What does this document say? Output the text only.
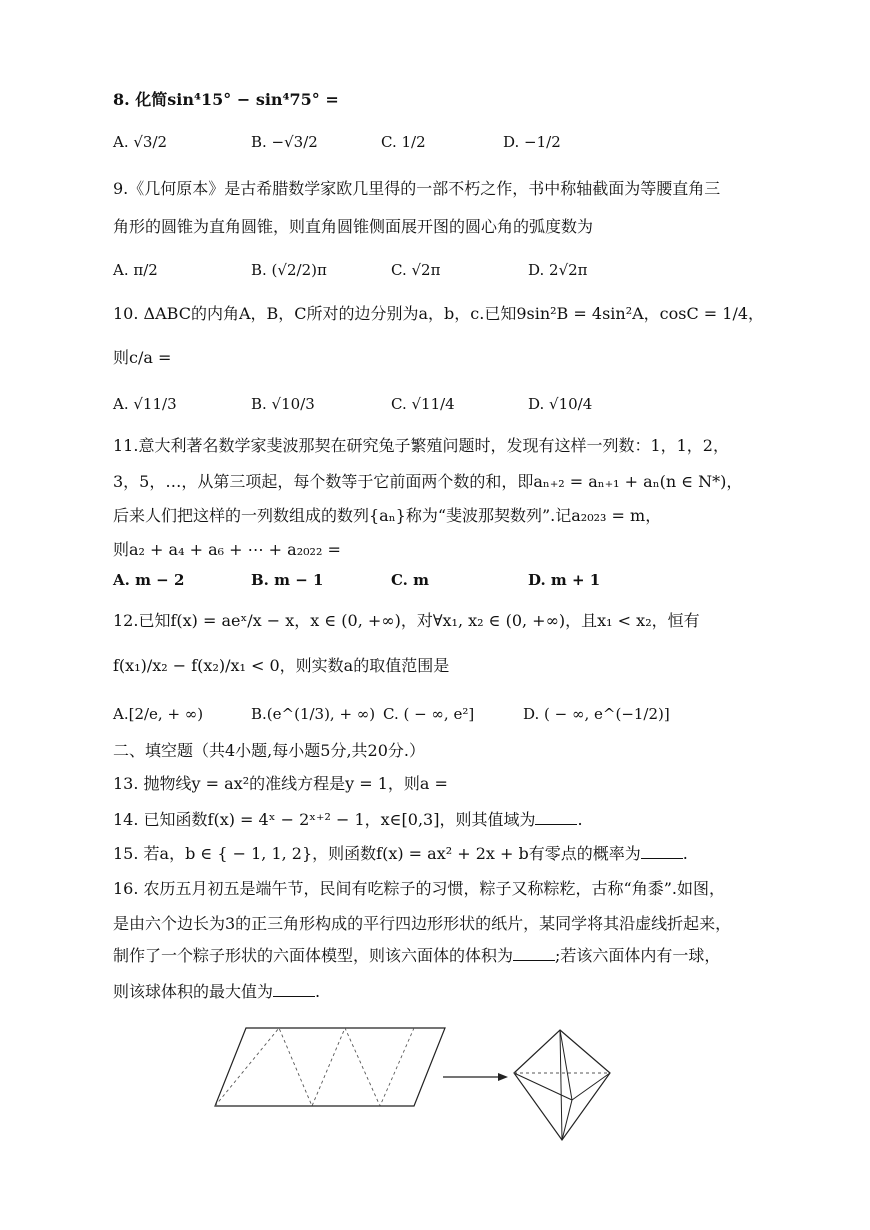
8. 化简sin⁴15° − sin⁴75° =
A. √3/2	B. −√3/2	C. 1/2	D. −1/2
9.《几何原本》是古希腊数学家欧几里得的一部不朽之作，书中称轴截面为等腰直角三
角形的圆锥为直角圆锥，则直角圆锥侧面展开图的圆心角的弧度数为
A. π/2	B. (√2/2)π	C. √2π	D. 2√2π
10. ΔABC的内角A，B，C所对的边分别为a，b，c.已知9sin²B = 4sin²A，cosC = 1/4，
则c/a =
A. √11/3	B. √10/3	C. √11/4	D. √10/4
11.意大利著名数学家斐波那契在研究兔子繁殖问题时，发现有这样一列数：1，1，2，
3，5，…，从第三项起，每个数等于它前面两个数的和，即aₙ₊₂ = aₙ₊₁ + aₙ(n ∈ N*)，
后来人们把这样的一列数组成的数列{aₙ}称为“斐波那契数列”.记a₂₀₂₃ = m，
则a₂ + a₄ + a₆ + ⋯ + a₂₀₂₂ =
A. m − 2	B. m − 1	C. m	D. m + 1
12.已知f(x) = aeˣ/x − x，x ∈ (0, +∞)，对∀x₁, x₂ ∈ (0, +∞)，且x₁ < x₂，恒有
f(x₁)/x₂ − f(x₂)/x₁ < 0，则实数a的取值范围是
A.[2/e, + ∞)	B.(e^(1/3), + ∞) C. ( − ∞, e²]	D. ( − ∞, e^(−1/2)]
二、填空题（共4小题,每小题5分,共20分.）
13. 抛物线y = ax²的准线方程是y = 1，则a =
14. 已知函数f(x) = 4ˣ − 2ˣ⁺² − 1，x∈[0,3]，则其值域为	.
15. 若a，b ∈ { − 1, 1, 2}，则函数f(x) = ax² + 2x + b有零点的概率为	.
16. 农历五月初五是端午节，民间有吃粽子的习惯，粽子又称粽籺，古称“角黍”.如图，
是由六个边长为3的正三角形构成的平行四边形形状的纸片，某同学将其沿虚线折起来，
制作了一个粽子形状的六面体模型，则该六面体的体积为	;若该六面体内有一球，
则该球体积的最大值为	.
